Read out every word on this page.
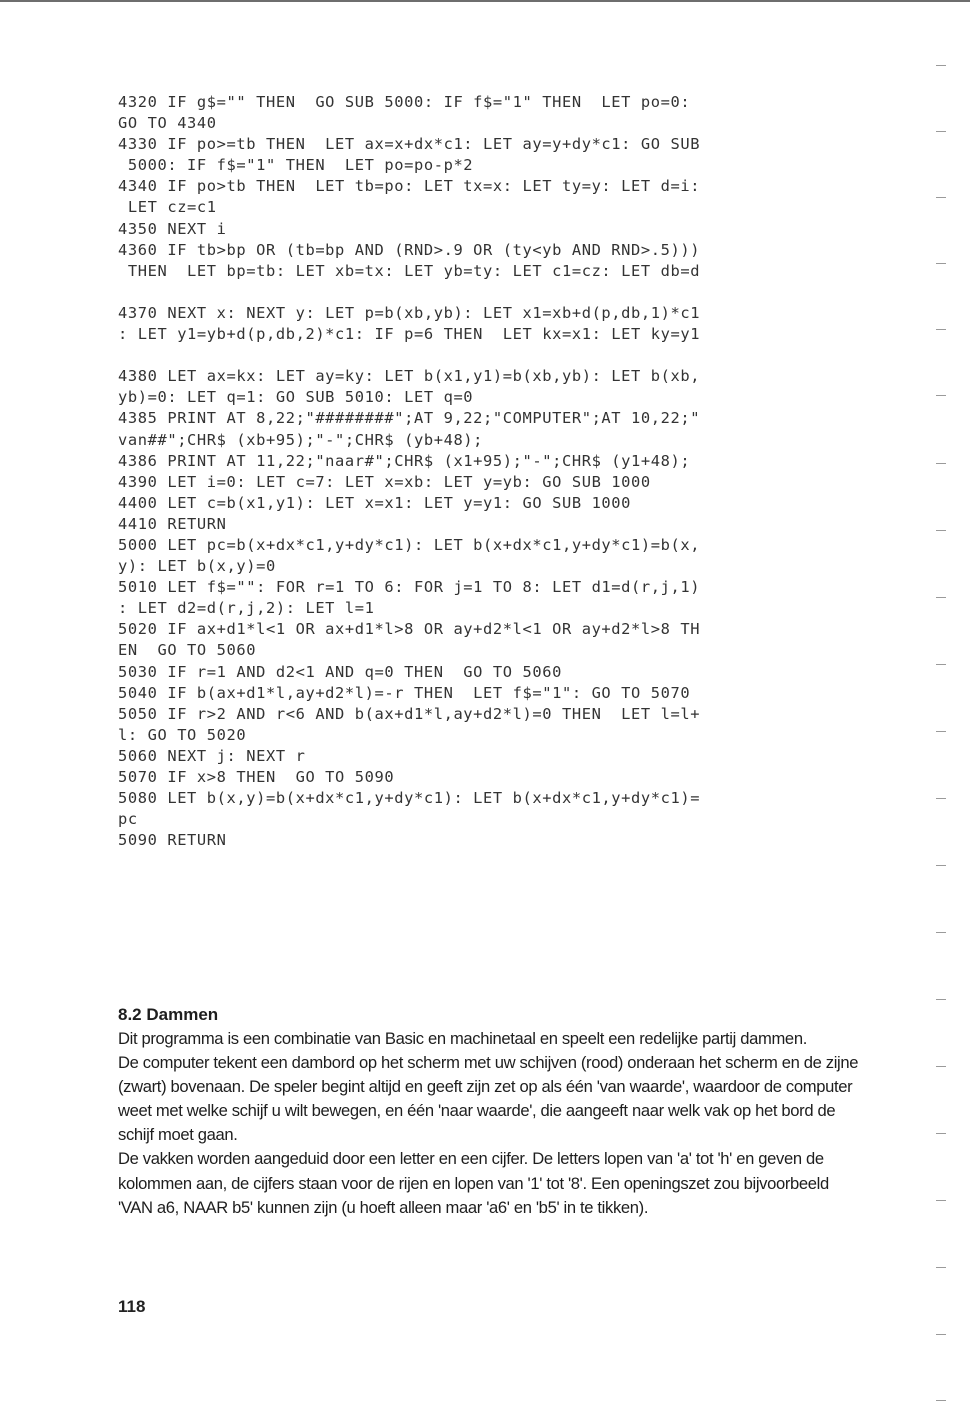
4320 IF g$="" THEN  GO SUB 5000: IF f$="1" THEN  LET po=0:
GO TO 4340
4330 IF po>=tb THEN  LET ax=x+dx*c1: LET ay=y+dy*c1: GO SUB
5000: IF f$="1" THEN  LET po=po-p*2
4340 IF po>tb THEN  LET tb=po: LET tx=x: LET ty=y: LET d=i:
LET cz=c1
4350 NEXT i
4360 IF tb>bp OR (tb=bp AND (RND>.9 OR (ty<yb AND RND>.5)))
THEN  LET bp=tb: LET xb=tx: LET yb=ty: LET c1=cz: LET db=d
4370 NEXT x: NEXT y: LET p=b(xb,yb): LET x1=xb+d(p,db,1)*c1
: LET y1=yb+d(p,db,2)*c1: IF p=6 THEN  LET kx=x1: LET ky=y1
4380 LET ax=kx: LET ay=ky: LET b(x1,y1)=b(xb,yb): LET b(xb,
yb)=0: LET q=1: GO SUB 5010: LET q=0
4385 PRINT AT 8,22;"########";AT 9,22;"COMPUTER";AT 10,22;"
van##";CHR$ (xb+95);"-";CHR$ (yb+48);
4386 PRINT AT 11,22;"naar#";CHR$ (x1+95);"-";CHR$ (y1+48);
4390 LET i=0: LET c=7: LET x=xb: LET y=yb: GO SUB 1000
4400 LET c=b(x1,y1): LET x=x1: LET y=y1: GO SUB 1000
4410 RETURN
5000 LET pc=b(x+dx*c1,y+dy*c1): LET b(x+dx*c1,y+dy*c1)=b(x,
y): LET b(x,y)=0
5010 LET f$="": FOR r=1 TO 6: FOR j=1 TO 8: LET d1=d(r,j,1)
: LET d2=d(r,j,2): LET l=1
5020 IF ax+d1*l<1 OR ax+d1*l>8 OR ay+d2*l<1 OR ay+d2*l>8 TH
EN  GO TO 5060
5030 IF r=1 AND d2<1 AND q=0 THEN  GO TO 5060
5040 IF b(ax+d1*l,ay+d2*l)=-r THEN  LET f$="1": GO TO 5070
5050 IF r>2 AND r<6 AND b(ax+d1*l,ay+d2*l)=0 THEN  LET l=l+
l: GO TO 5020
5060 NEXT j: NEXT r
5070 IF x>8 THEN  GO TO 5090
5080 LET b(x,y)=b(x+dx*c1,y+dy*c1): LET b(x+dx*c1,y+dy*c1)=
pc
5090 RETURN
8.2 Dammen

Dit programma is een combinatie van Basic en machinetaal en speelt een redelijke partij dammen.

De computer tekent een dambord op het scherm met uw schijven (rood) onderaan het scherm en de zijne (zwart) bovenaan. De speler begint altijd en geeft zijn zet op als één 'van waarde', waardoor de computer weet met welke schijf u wilt bewegen, en één 'naar waarde', die aangeeft naar welk vak op het bord de schijf moet gaan.

De vakken worden aangeduid door een letter en een cijfer. De letters lopen van 'a' tot 'h' en geven de kolommen aan, de cijfers staan voor de rijen en lopen van '1' tot '8'. Een openingszet zou bijvoorbeeld 'VAN a6, NAAR b5' kunnen zijn (u hoeft alleen maar 'a6' en 'b5' in te tikken).

118
